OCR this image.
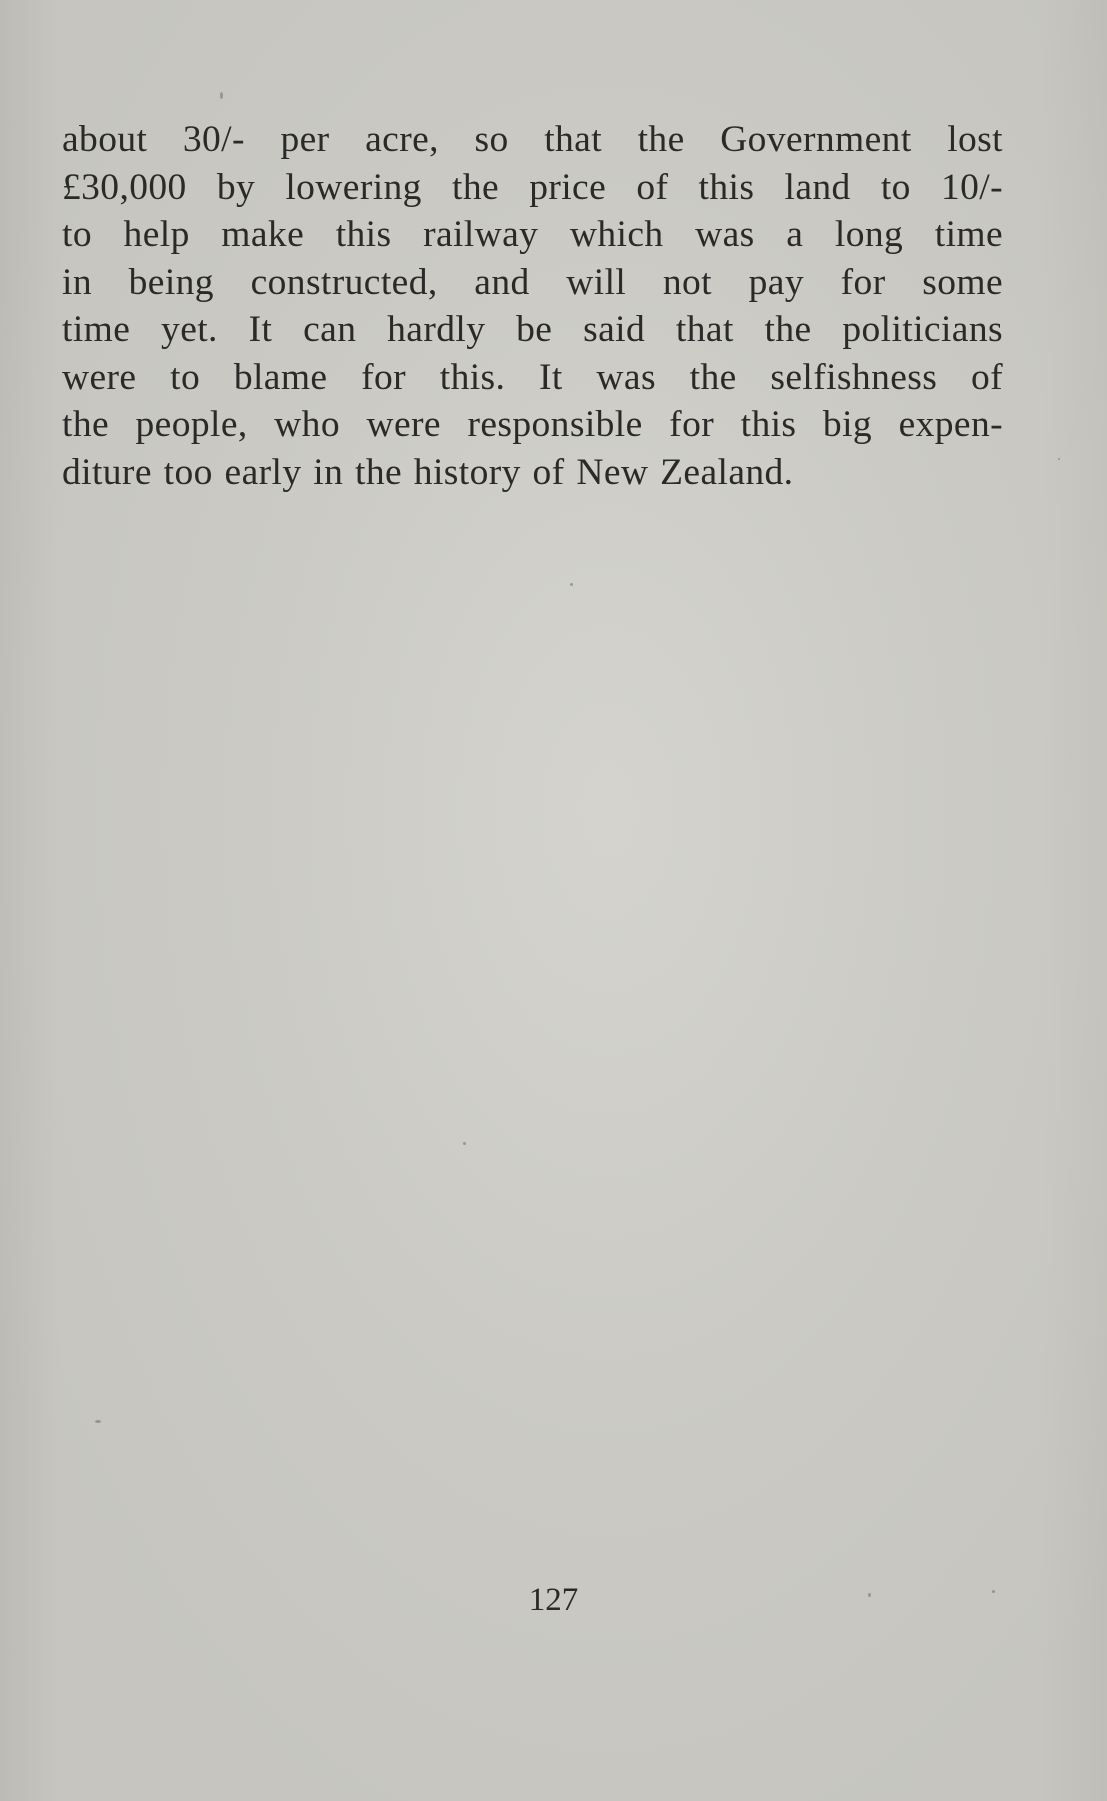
about 30/- per acre, so that the Government lost
£30,000 by lowering the price of this land to 10/-
to help make this railway which was a long time
in being constructed, and will not pay for some
time yet. It can hardly be said that the politicians
were to blame for this. It was the selfishness of
the people, who were responsible for this big expen-
diture too early in the history of New Zealand.
127
